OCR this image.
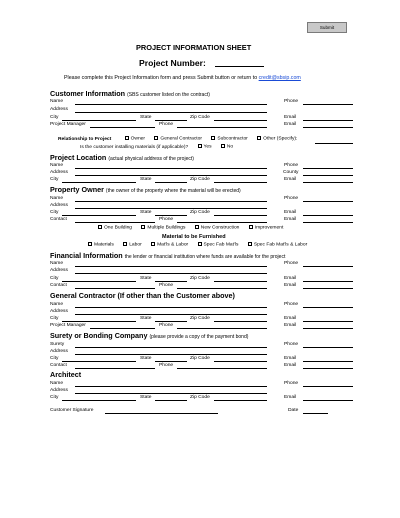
Submit
PROJECT INFORMATION SHEET
Project Number:
Please complete this Project Information form and press Submit button or return to credit@sbsip.com
Customer Information (SBS customer listed on the contract)
Name	Phone
Address
City	State	Zip Code	Email
Project Manager	Phone	Email
Relationship to Project	Owner	General Contractor	Subcontractor	Other (Specify):
Is the customer installing materials (if applicable)?	Yes	No
Project Location (actual physical address of the project)
Name	Phone
Address	County
City	State	Zip Code	Email
Property Owner (the owner of the property where the material will be erected)
Name	Phone
Address
City	State	Zip Code	Email
Contact	Phone	Email
One Building	Multiple Buildings	New Construction	Improvement
Material to be Furnished
Materials	Labor	Mat'ls & Labor	Spec Fab Mat'ls	Spec Fab Mat'ls & Labor
Financial Information the lender or financial institution where funds are available for the project
Name	Phone
Address
City	State	Zip Code	Email
Contact	Phone	Email
General Contractor (If other than the Customer above)
Name	Phone
Address
City	State	Zip Code	Email
Project Manager	Phone	Email
Surety or Bonding Company (please provide a copy of the payment bond)
Surety	Phone
Address
City	State	Zip Code	Email
Contact	Phone	Email
Architect
Name	Phone
Address
City	State	Zip Code	Email
Customer Signature	Date
